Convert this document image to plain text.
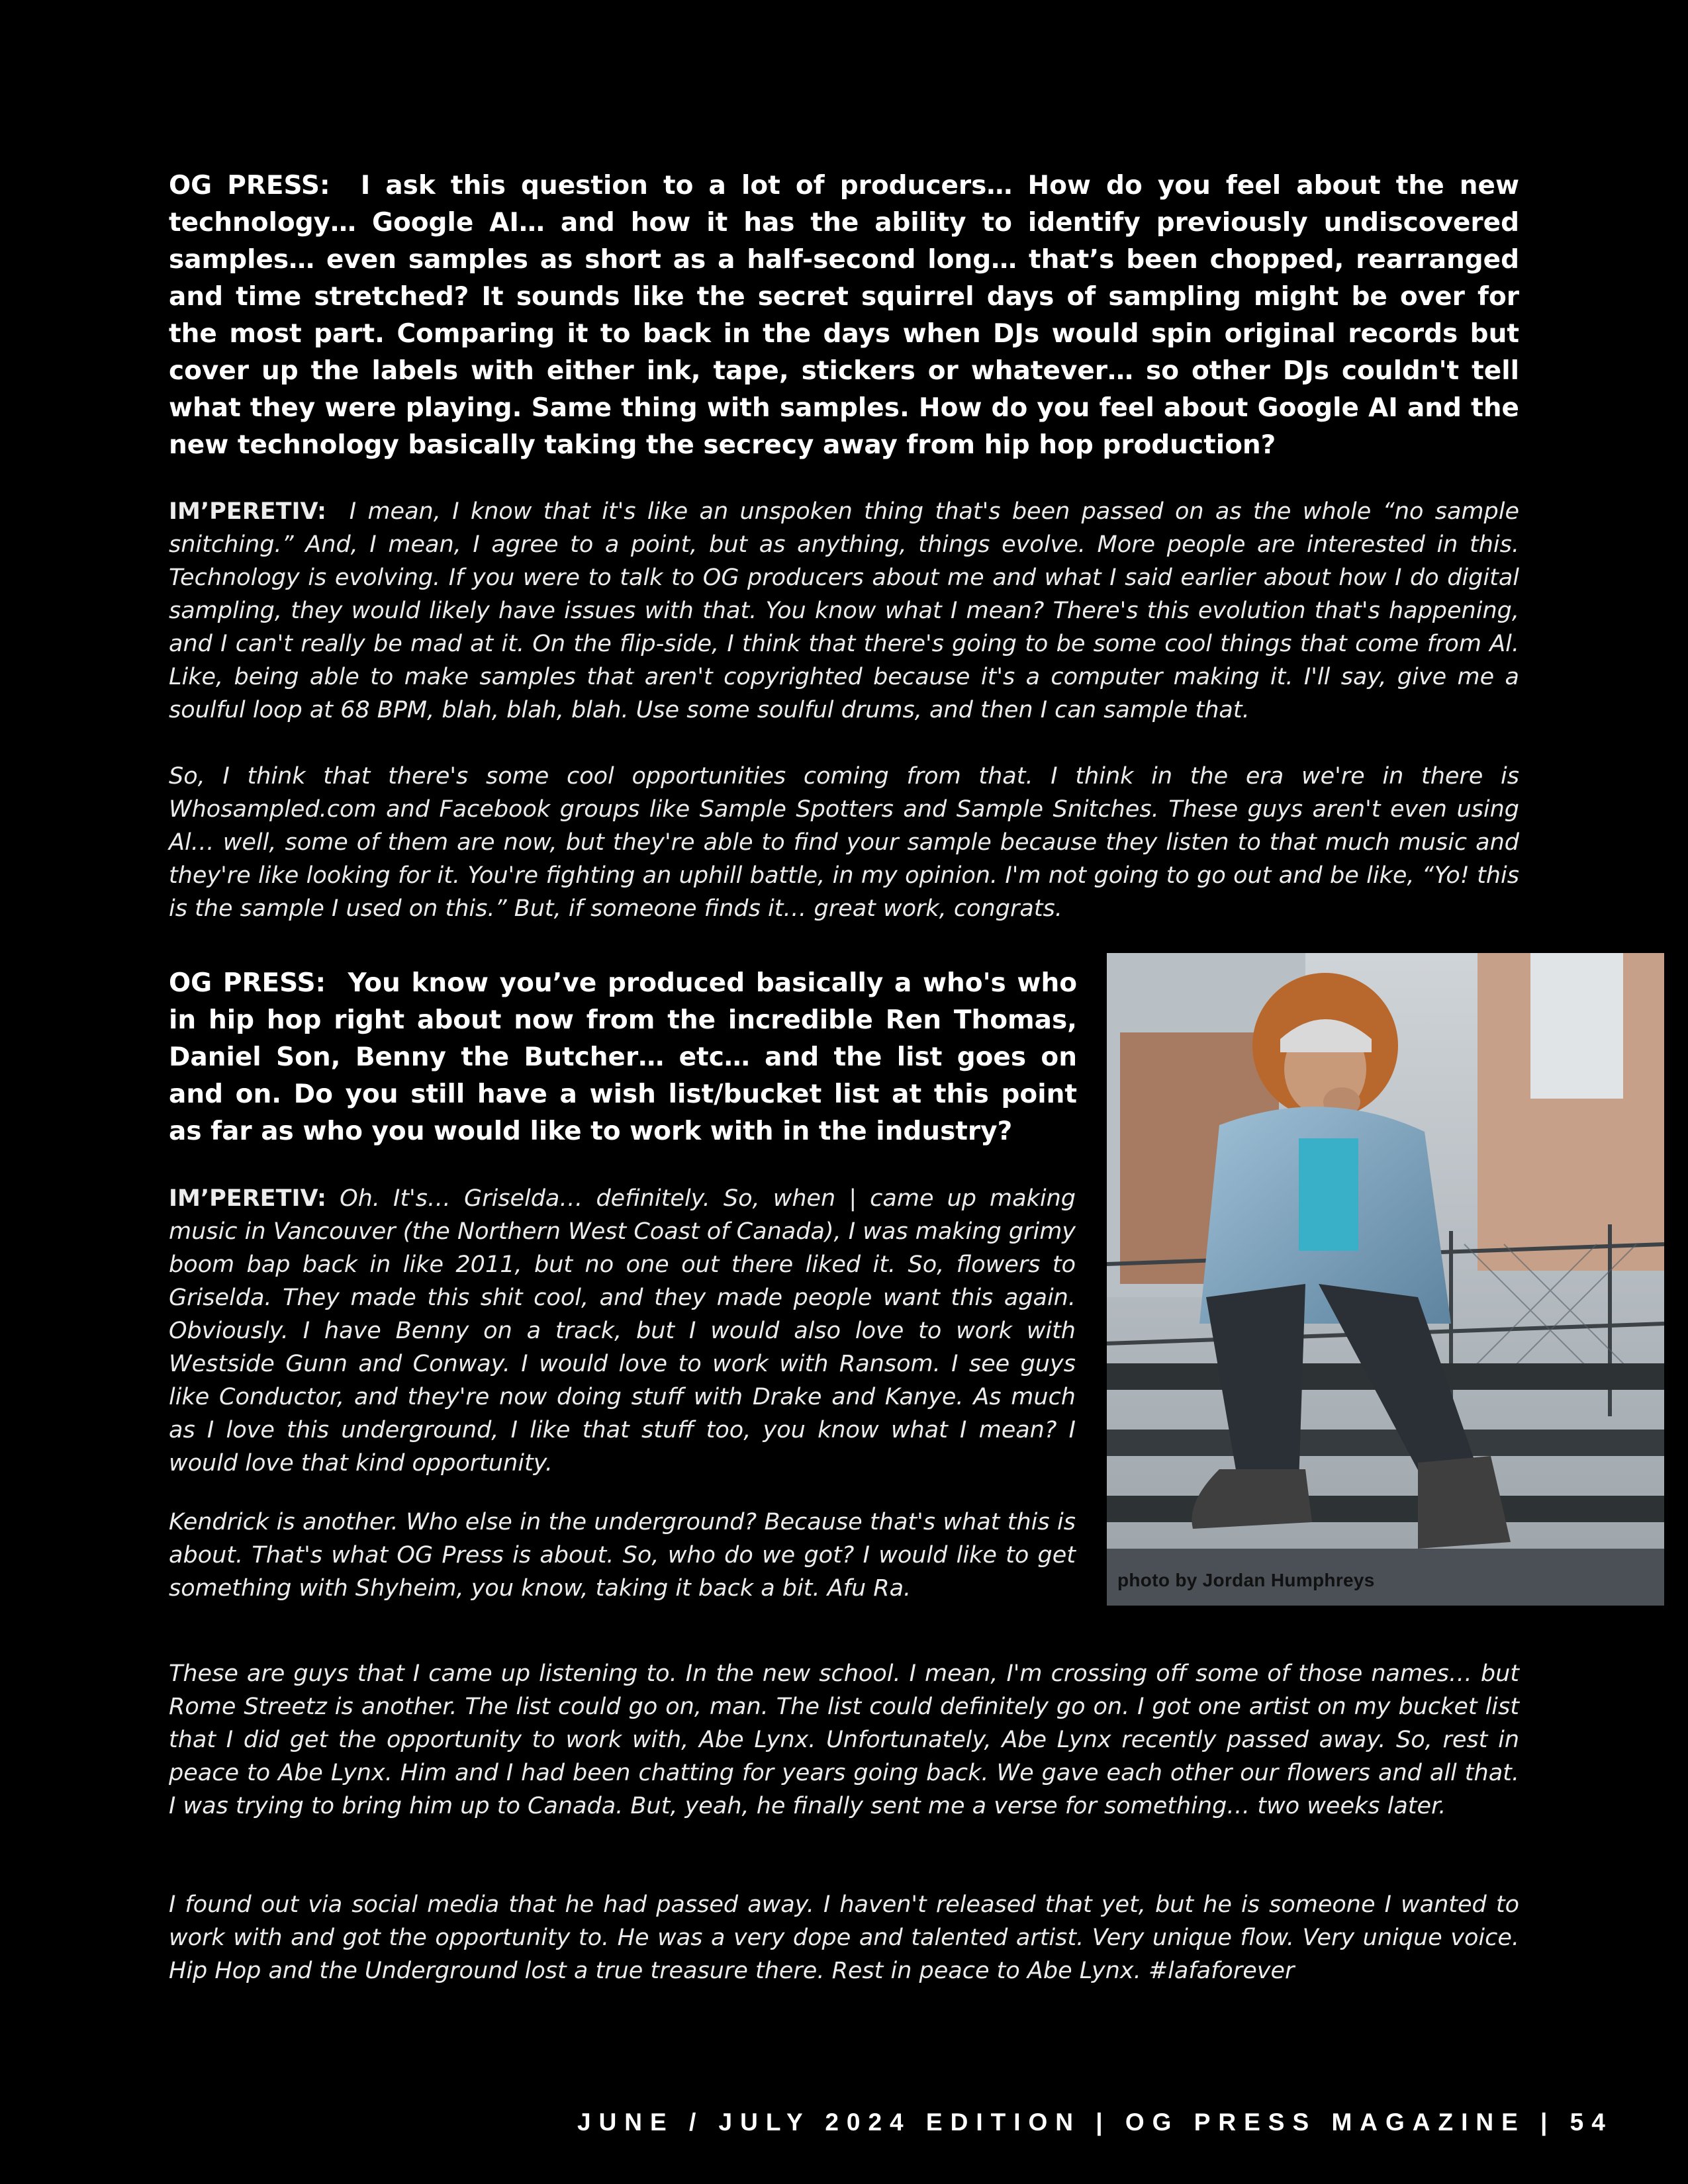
OG PRESS: I ask this question to a lot of producers… How do you feel about the new technology… Google AI… and how it has the ability to identify previously undiscovered samples… even samples as short as a half-second long… that’s been chopped, rearranged and time stretched? It sounds like the secret squirrel days of sampling might be over for the most part. Comparing it to back in the days when DJs would spin original records but cover up the labels with either ink, tape, stickers or whatever… so other DJs couldn't tell what they were playing. Same thing with samples. How do you feel about Google AI and the new technology basically taking the secrecy away from hip hop production?
IM’PERETIV: I mean, I know that it's like an unspoken thing that's been passed on as the whole “no sample snitching.” And, I mean, I agree to a point, but as anything, things evolve. More people are interested in this. Technology is evolving. If you were to talk to OG producers about me and what I said earlier about how I do digital sampling, they would likely have issues with that. You know what I mean? There's this evolution that's happening, and I can't really be mad at it. On the flip-side, I think that there's going to be some cool things that come from Al. Like, being able to make samples that aren't copyrighted because it's a computer making it. I'll say, give me a soulful loop at 68 BPM, blah, blah, blah. Use some soulful drums, and then I can sample that.
So, I think that there's some cool opportunities coming from that. I think in the era we're in there is Whosampled.com and Facebook groups like Sample Spotters and Sample Snitches. These guys aren't even using Al… well, some of them are now, but they're able to find your sample because they listen to that much music and they're like looking for it. You're fighting an uphill battle, in my opinion. I'm not going to go out and be like, “Yo! this is the sample I used on this.” But, if someone finds it… great work, congrats.
OG PRESS: You know you’ve produced basically a who's who in hip hop right about now from the incredible Ren Thomas, Daniel Son, Benny the Butcher… etc… and the list goes on and on. Do you still have a wish list/bucket list at this point as far as who you would like to work with in the industry?
IM’PERETIV: Oh. It's… Griselda… definitely. So, when | came up making music in Vancouver (the Northern West Coast of Canada), I was making grimy boom bap back in like 2011, but no one out there liked it. So, flowers to Griselda. They made this shit cool, and they made people want this again. Obviously. I have Benny on a track, but I would also love to work with Westside Gunn and Conway. I would love to work with Ransom. I see guys like Conductor, and they're now doing stuff with Drake and Kanye. As much as I love this underground, I like that stuff too, you know what I mean? I would love that kind opportunity.
Kendrick is another. Who else in the underground? Because that's what this is about. That's what OG Press is about. So, who do we got? I would like to get something with Shyheim, you know, taking it back a bit. Afu Ra.
These are guys that I came up listening to. In the new school. I mean, I'm crossing off some of those names… but Rome Streetz is another. The list could go on, man. The list could definitely go on. I got one artist on my bucket list that I did get the opportunity to work with, Abe Lynx. Unfortunately, Abe Lynx recently passed away. So, rest in peace to Abe Lynx. Him and I had been chatting for years going back. We gave each other our flowers and all that. I was trying to bring him up to Canada. But, yeah, he finally sent me a verse for something… two weeks later.
I found out via social media that he had passed away. I haven't released that yet, but he is someone I wanted to work with and got the opportunity to. He was a very dope and talented artist. Very unique flow. Very unique voice. Hip Hop and the Underground lost a true treasure there. Rest in peace to Abe Lynx. #lafaforever
photo by Jordan Humphreys
JUNE / JULY 2024 EDITION | OG PRESS MAGAZINE | 54
